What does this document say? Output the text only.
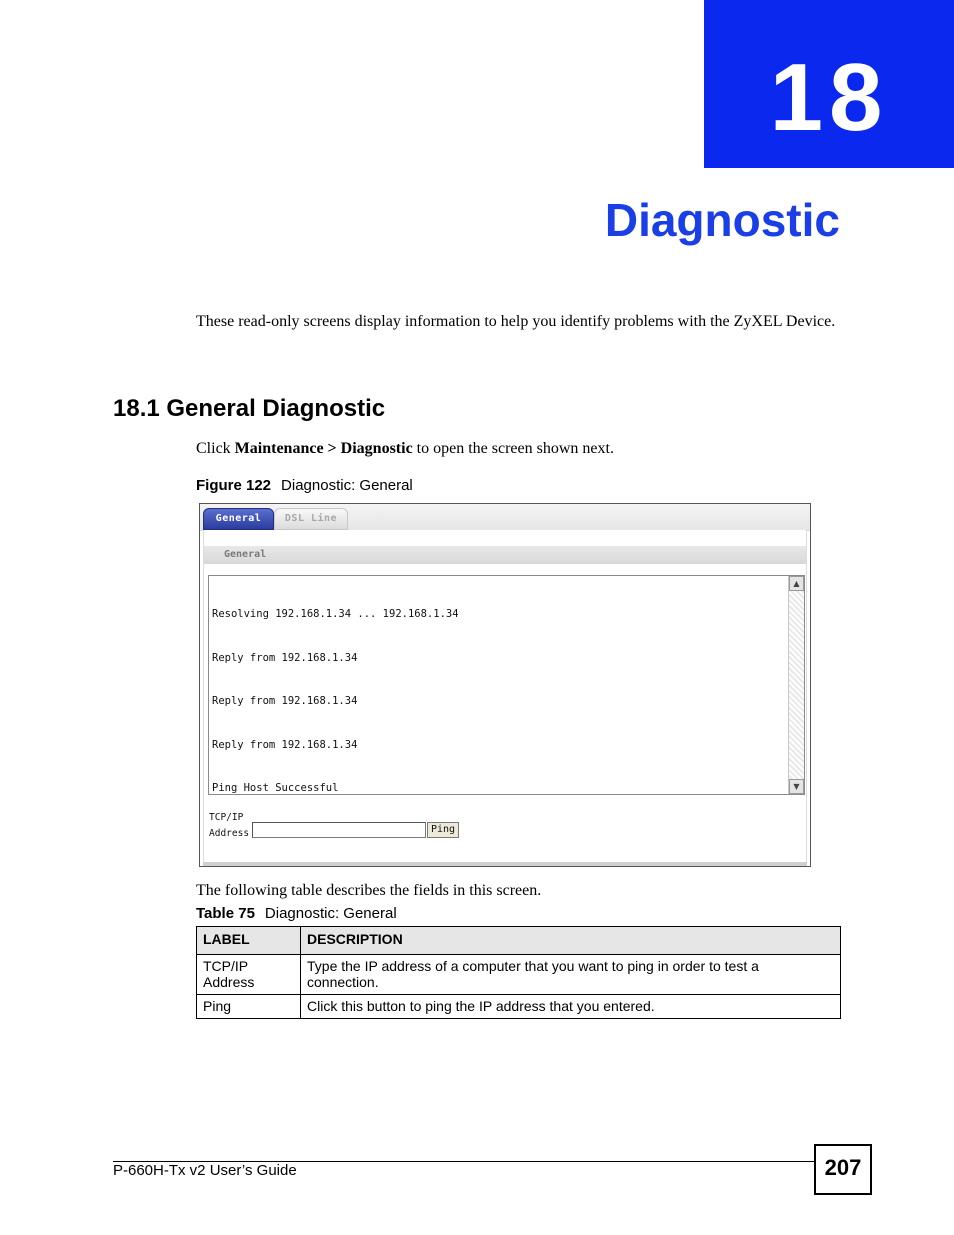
18
Diagnostic
These read-only screens display information to help you identify problems with the ZyXEL Device.
18.1 General Diagnostic
Click Maintenance > Diagnostic to open the screen shown next.
Figure 122 Diagnostic: General
General	DSL Line
General

Resolving 192.168.1.34 ... 192.168.1.34

Reply from 192.168.1.34

Reply from 192.168.1.34

Reply from 192.168.1.34

Ping Host Successful

▲
▼
TCP/IP
Address	Ping
The following table describes the fields in this screen.
Table 75 Diagnostic: General
LABEL	DESCRIPTION
TCP/IP Address	Type the IP address of a computer that you want to ping in order to test a connection.
Ping	Click this button to ping the IP address that you entered.
P-660H-Tx v2 User’s Guide	207
